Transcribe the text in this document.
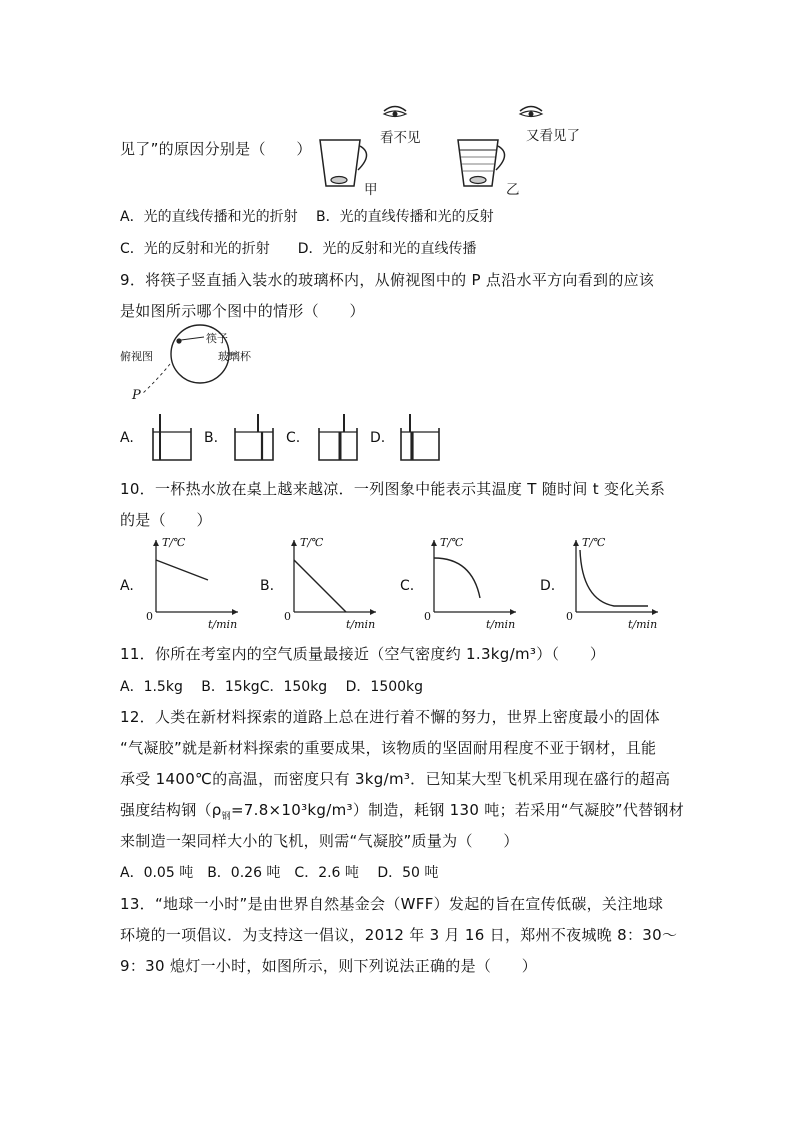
见了”的原因分别是（　　）
看不见	又看见了
甲	乙
A．光的直线传播和光的折射　 B．光的直线传播和光的反射
C．光的反射和光的折射　　D．光的反射和光的直线传播
9．将筷子竖直插入装水的玻璃杯内，从俯视图中的 P 点沿水平方向看到的应该
是如图所示哪个图中的情形（　　）
俯视图
筷子
玻璃杯
P
A.	B.	C.	D.
10．一杯热水放在桌上越来越凉．一列图象中能表示其温度 T 随时间 t 变化关系
的是（　　）
A.	B.	C.	D.
T/℃
t/min
0
T/℃
t/min
0
T/℃
t/min
0
T/℃
t/min
0
11．你所在考室内的空气质量最接近（空气密度约 1.3kg/m³）（　　）
A．1.5kg　 B．15kgC．150kg　 D．1500kg
12．人类在新材料探索的道路上总在进行着不懈的努力，世界上密度最小的固体
“气凝胶”就是新材料探索的重要成果，该物质的坚固耐用程度不亚于钢材，且能
承受 1400℃的高温，而密度只有 3kg/m³．已知某大型飞机采用现在盛行的超高
强度结构钢$(\rho_钢=7.8\times 10^3kg/m^3)$制造，耗钢 130 吨；若采用“气凝胶”代替钢材
来制造一架同样大小的飞机，则需“气凝胶”质量为（　　）
A．0.05 吨　B．0.26 吨　C．2.6 吨　 D．50 吨
13．“地球一小时”是由世界自然基金会（WFF）发起的旨在宣传低碳，关注地球
环境的一项倡议．为支持这一倡议，2012 年 3 月 16 日，郑州不夜城晚 8：30～
9：30 熄灯一小时，如图所示，则下列说法正确的是（　　）
